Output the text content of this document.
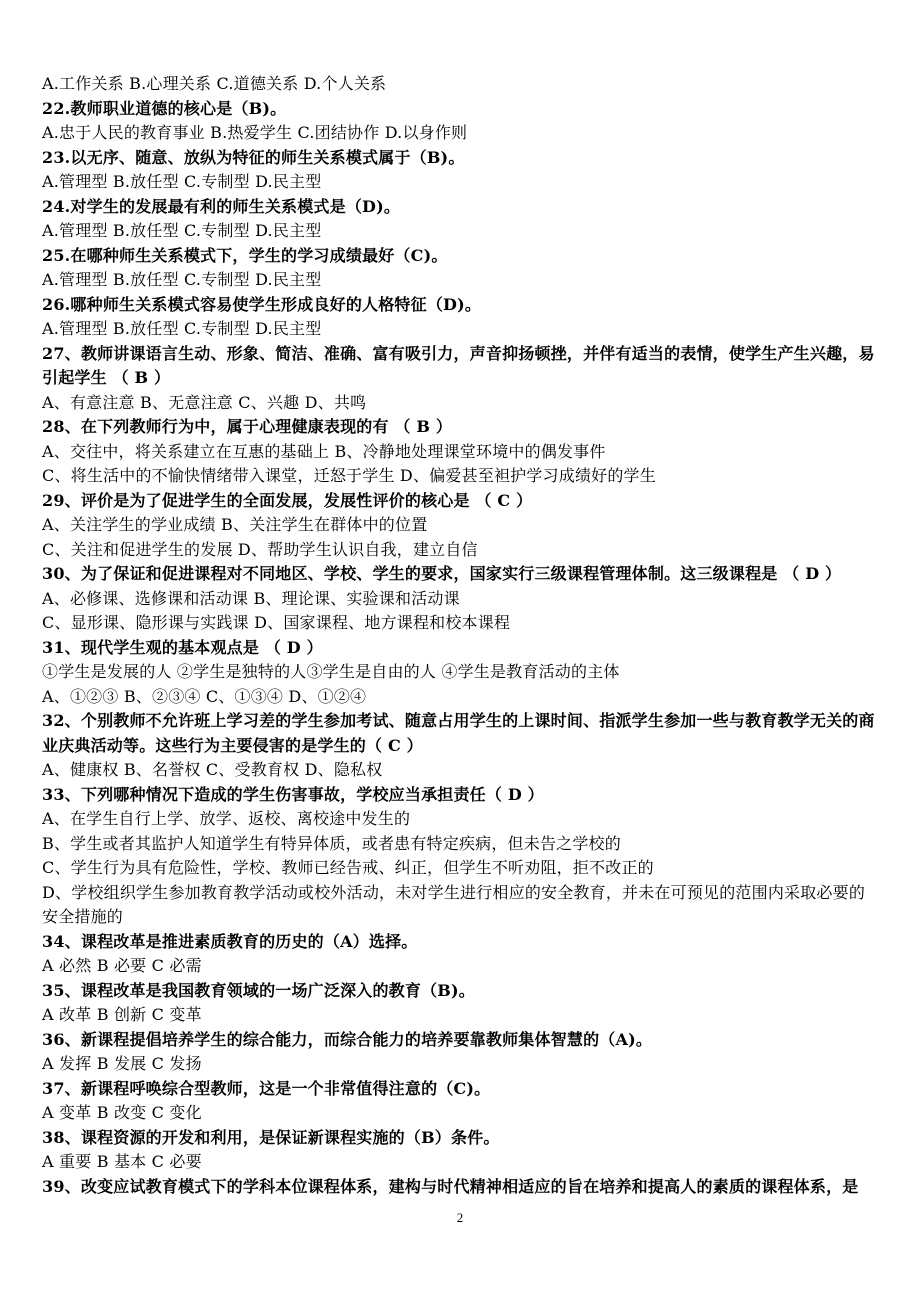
A.工作关系 B.心理关系 C.道德关系 D.个人关系

22.教师职业道德的核心是（B)。

A.忠于人民的教育事业 B.热爱学生 C.团结协作 D.以身作则

23.以无序、随意、放纵为特征的师生关系模式属于（B)。

A.管理型 B.放任型 C.专制型 D.民主型

24.对学生的发展最有利的师生关系模式是（D)。

A.管理型 B.放任型 C.专制型 D.民主型

25.在哪种师生关系模式下，学生的学习成绩最好（C)。

A.管理型 B.放任型 C.专制型 D.民主型

26.哪种师生关系模式容易使学生形成良好的人格特征（D)。

A.管理型 B.放任型 C.专制型 D.民主型

27、教师讲课语言生动、形象、简洁、准确、富有吸引力，声音抑扬顿挫，并伴有适当的表情，使学生产生兴趣，易引起学生 （ B ）

A、有意注意 B、无意注意 C、兴趣 D、共鸣

28、在下列教师行为中，属于心理健康表现的有 （ B ）

A、交往中，将关系建立在互惠的基础上 B、冷静地处理课堂环境中的偶发事件

C、将生活中的不愉快情绪带入课堂，迁怒于学生 D、偏爱甚至袒护学习成绩好的学生

29、评价是为了促进学生的全面发展，发展性评价的核心是 （ C ）

A、关注学生的学业成绩 B、关注学生在群体中的位置

C、关注和促进学生的发展 D、帮助学生认识自我，建立自信

30、为了保证和促进课程对不同地区、学校、学生的要求，国家实行三级课程管理体制。这三级课程是 （ D ）

A、必修课、选修课和活动课 B、理论课、实验课和活动课

C、显形课、隐形课与实践课 D、国家课程、地方课程和校本课程

31、现代学生观的基本观点是 （ D ）

①学生是发展的人 ②学生是独特的人③学生是自由的人 ④学生是教育活动的主体

A、①②③ B、②③④ C、①③④ D、①②④

32、个别教师不允许班上学习差的学生参加考试、随意占用学生的上课时间、指派学生参加一些与教育教学无关的商业庆典活动等。这些行为主要侵害的是学生的（ C ）

A、健康权 B、名誉权 C、受教育权 D、隐私权

33、下列哪种情况下造成的学生伤害事故，学校应当承担责任（ D ）

A、在学生自行上学、放学、返校、离校途中发生的

B、学生或者其监护人知道学生有特异体质，或者患有特定疾病，但未告之学校的

C、学生行为具有危险性，学校、教师已经告戒、纠正，但学生不听劝阻，拒不改正的

D、学校组织学生参加教育教学活动或校外活动，未对学生进行相应的安全教育，并未在可预见的范围内采取必要的安全措施的

34、课程改革是推进素质教育的历史的（A）选择。

A 必然 B 必要 C 必需

35、课程改革是我国教育领域的一场广泛深入的教育（B)。

A 改革 B 创新 C 变革

36、新课程提倡培养学生的综合能力，而综合能力的培养要靠教师集体智慧的（A)。

A 发挥 B 发展 C 发扬

37、新课程呼唤综合型教师，这是一个非常值得注意的（C)。

A 变革 B 改变 C 变化

38、课程资源的开发和利用，是保证新课程实施的（B）条件。

A 重要 B 基本 C 必要

39、改变应试教育模式下的学科本位课程体系，建构与时代精神相适应的旨在培养和提高人的素质的课程体系，是

2
